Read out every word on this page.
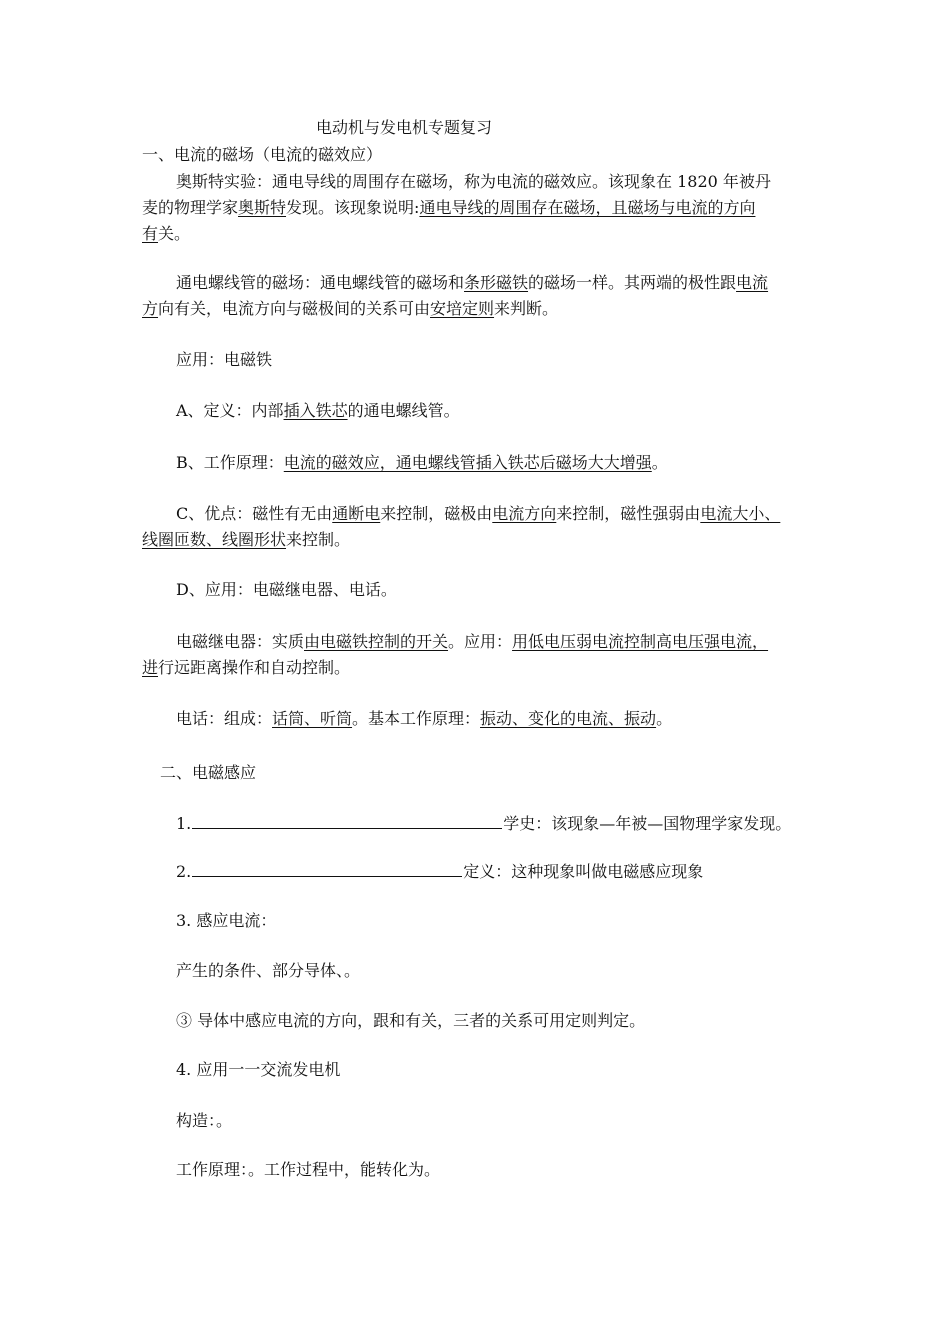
电动机与发电机专题复习

一、电流的磁场（电流的磁效应）

奥斯特实验：通电导线的周围存在磁场，称为电流的磁效应。该现象在 1820 年被丹

麦的物理学家奥斯特发现。该现象说明:通电导线的周围存在磁场，且磁场与电流的方向

有关。

通电螺线管的磁场：通电螺线管的磁场和条形磁铁的磁场一样。其两端的极性跟电流

方向有关，电流方向与磁极间的关系可由安培定则来判断。

应用：电磁铁

A、定义：内部插入铁芯的通电螺线管。

B、工作原理：电流的磁效应，通电螺线管插入铁芯后磁场大大增强。

C、优点：磁性有无由通断电来控制，磁极由电流方向来控制，磁性强弱由电流大小、

线圈匝数、线圈形状来控制。

D、应用：电磁继电器、电话。

电磁继电器：实质由电磁铁控制的开关。应用：用低电压弱电流控制高电压强电流，

进行远距离操作和自动控制。

电话：组成：话筒、听筒。基本工作原理：振动、变化的电流、振动。

二、电磁感应

1.	学史：该现象—年被—国物理学家发现。

2.	定义：这种现象叫做电磁感应现象

3. 感应电流：

产生的条件、部分导体、。

③ 导体中感应电流的方向，跟和有关，三者的关系可用定则判定。

4. 应用一一交流发电机

构造：。

工作原理：。工作过程中，能转化为。
